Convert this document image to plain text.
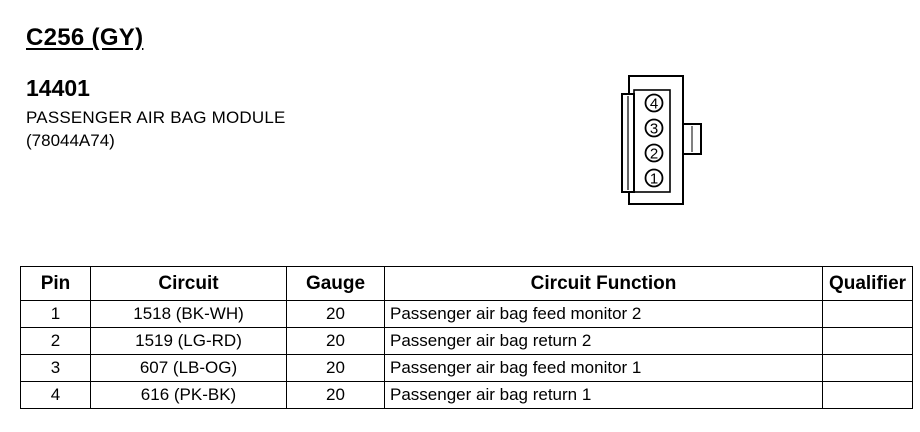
C256 (GY)
14401
PASSENGER AIR BAG MODULE
(78044A74)
4
3
2
1
Pin	Circuit	Gauge	Circuit Function	Qualifier
1	1518 (BK-WH)	20	Passenger air bag feed monitor 2	
2	1519 (LG-RD)	20	Passenger air bag return 2	
3	607 (LB-OG)	20	Passenger air bag feed monitor 1	
4	616 (PK-BK)	20	Passenger air bag return 1	
